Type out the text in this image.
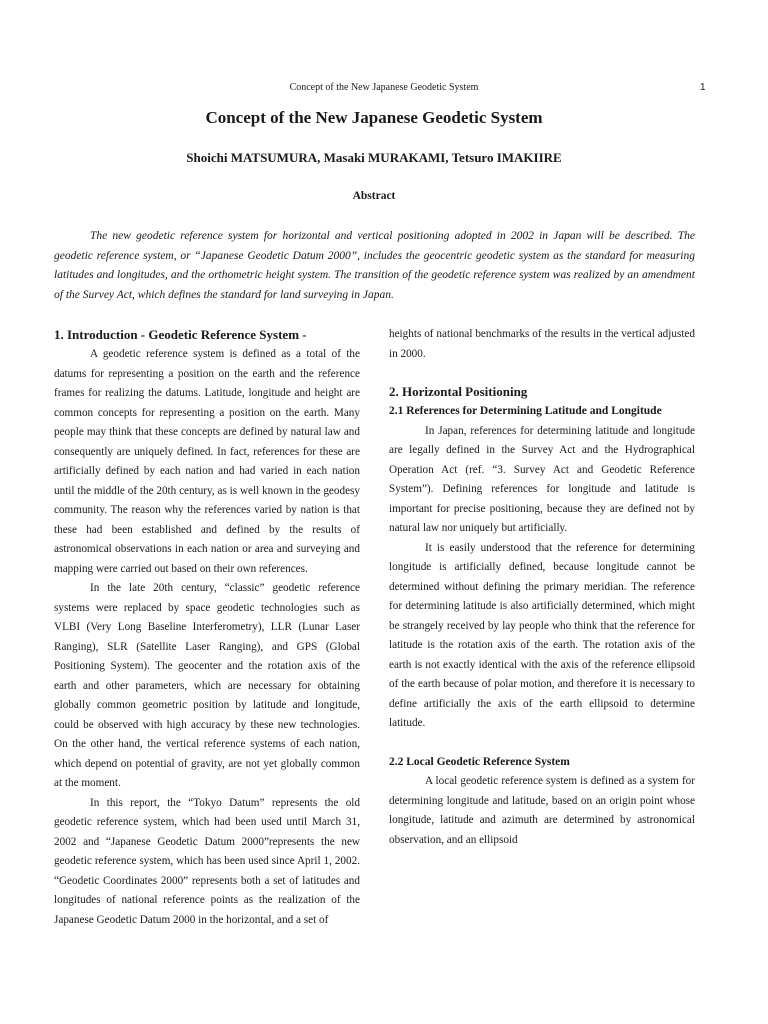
Concept of the New Japanese Geodetic System	1
Concept of the New Japanese Geodetic System
Shoichi MATSUMURA, Masaki MURAKAMI, Tetsuro IMAKIIRE
Abstract

The new geodetic reference system for horizontal and vertical positioning adopted in 2002 in Japan will be described. The geodetic reference system, or “Japanese Geodetic Datum 2000”, includes the geocentric geodetic system as the standard for measuring latitudes and longitudes, and the orthometric height system. The transition of the geodetic reference system was realized by an amendment of the Survey Act, which defines the standard for land surveying in Japan.

1. Introduction - Geodetic Reference System -

A geodetic reference system is defined as a total of the datums for representing a position on the earth and the reference frames for realizing the datums. Latitude, longitude and height are common concepts for representing a position on the earth. Many people may think that these concepts are defined by natural law and consequently are uniquely defined. In fact, references for these are artificially defined by each nation and had varied in each nation until the middle of the 20th century, as is well known in the geodesy community. The reason why the references varied by nation is that these had been established and defined by the results of astronomical observations in each nation or area and surveying and mapping were carried out based on their own references.

In the late 20th century, “classic” geodetic reference systems were replaced by space geodetic technologies such as VLBI (Very Long Baseline Interferometry), LLR (Lunar Laser Ranging), SLR (Satellite Laser Ranging), and GPS (Global Positioning System). The geocenter and the rotation axis of the earth and other parameters, which are necessary for obtaining globally common geometric position by latitude and longitude, could be observed with high accuracy by these new technologies. On the other hand, the vertical reference systems of each nation, which depend on potential of gravity, are not yet globally common at the moment.

In this report, the “Tokyo Datum” represents the old geodetic reference system, which had been used until March 31, 2002 and “Japanese Geodetic Datum 2000”represents the new geodetic reference system, which has been used since April 1, 2002. “Geodetic Coordinates 2000” represents both a set of latitudes and longitudes of national reference points as the realization of the Japanese Geodetic Datum 2000 in the horizontal, and a set of

heights of national benchmarks of the results in the vertical adjusted in 2000.

2. Horizontal Positioning
2.1 References for Determining Latitude and Longitude

In Japan, references for determining latitude and longitude are legally defined in the Survey Act and the Hydrographical Operation Act (ref. “3. Survey Act and Geodetic Reference System”). Defining references for longitude and latitude is important for precise positioning, because they are defined not by natural law nor uniquely but artificially.

It is easily understood that the reference for determining longitude is artificially defined, because longitude cannot be determined without defining the primary meridian. The reference for determining latitude is also artificially determined, which might be strangely received by lay people who think that the reference for latitude is the rotation axis of the earth. The rotation axis of the earth is not exactly identical with the axis of the reference ellipsoid of the earth because of polar motion, and therefore it is necessary to define artificially the axis of the earth ellipsoid to determine latitude.

2.2 Local Geodetic Reference System

A local geodetic reference system is defined as a system for determining longitude and latitude, based on an origin point whose longitude, latitude and azimuth are determined by astronomical observation, and an ellipsoid
